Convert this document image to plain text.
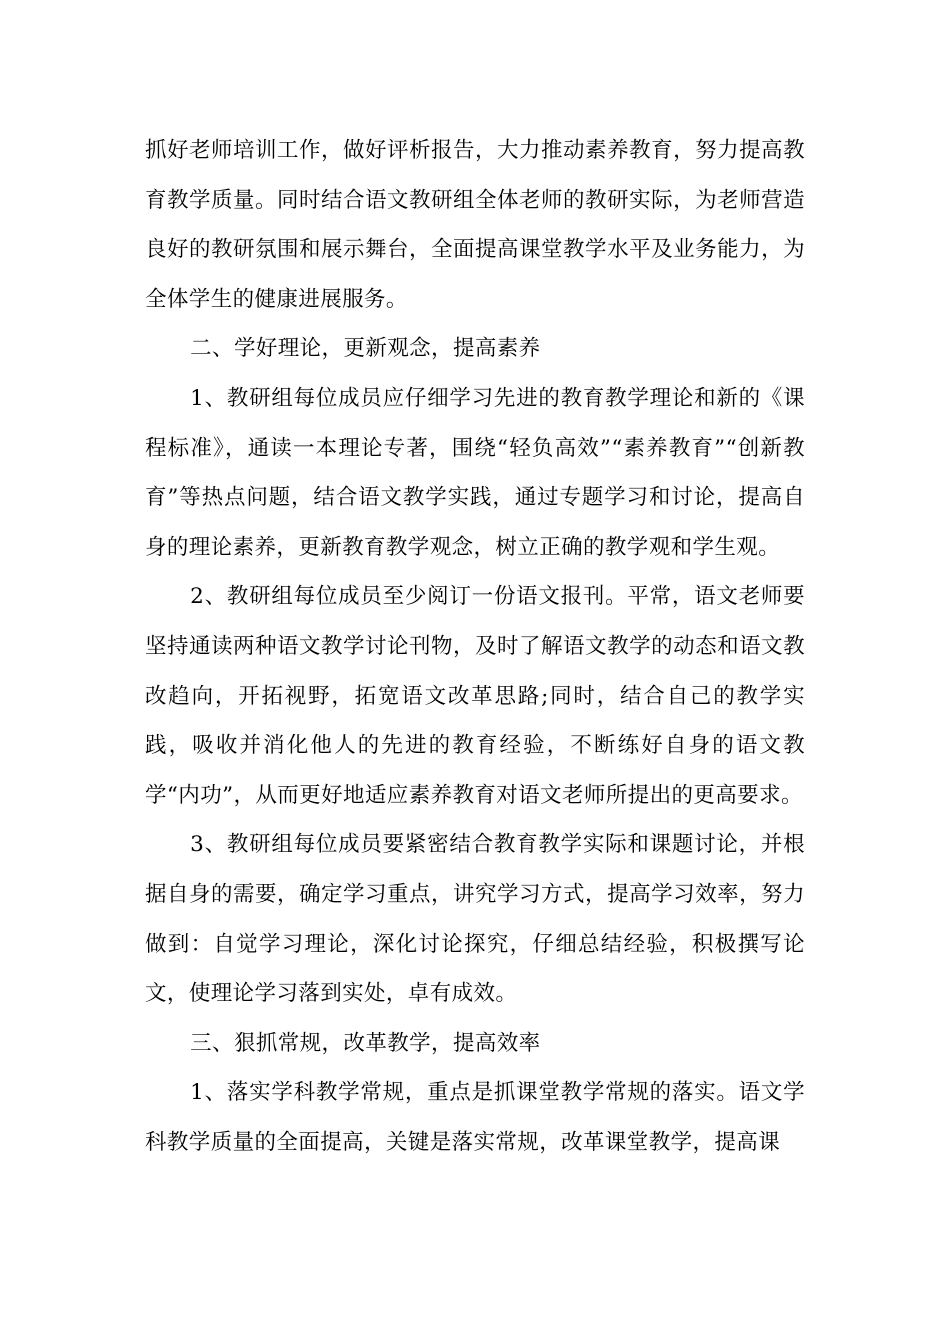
抓好老师培训工作，做好评析报告，大力推动素养教育，努力提高教育教学质量。同时结合语文教研组全体老师的教研实际，为老师营造良好的教研氛围和展示舞台，全面提高课堂教学水平及业务能力，为全体学生的健康进展服务。

二、学好理论，更新观念，提高素养

1、教研组每位成员应仔细学习先进的教育教学理论和新的《课程标准》，通读一本理论专著，围绕“轻负高效”“素养教育”“创新教育”等热点问题，结合语文教学实践，通过专题学习和讨论，提高自身的理论素养，更新教育教学观念，树立正确的教学观和学生观。

2、教研组每位成员至少阅订一份语文报刊。平常，语文老师要坚持通读两种语文教学讨论刊物，及时了解语文教学的动态和语文教改趋向，开拓视野，拓宽语文改革思路;同时，结合自己的教学实践，吸收并消化他人的先进的教育经验，不断练好自身的语文教学“内功”，从而更好地适应素养教育对语文老师所提出的更高要求。

3、教研组每位成员要紧密结合教育教学实际和课题讨论，并根据自身的需要，确定学习重点，讲究学习方式，提高学习效率，努力做到：自觉学习理论，深化讨论探究，仔细总结经验，积极撰写论文，使理论学习落到实处，卓有成效。

三、狠抓常规，改革教学，提高效率

1、落实学科教学常规，重点是抓课堂教学常规的落实。语文学科教学质量的全面提高，关键是落实常规，改革课堂教学，提高课
